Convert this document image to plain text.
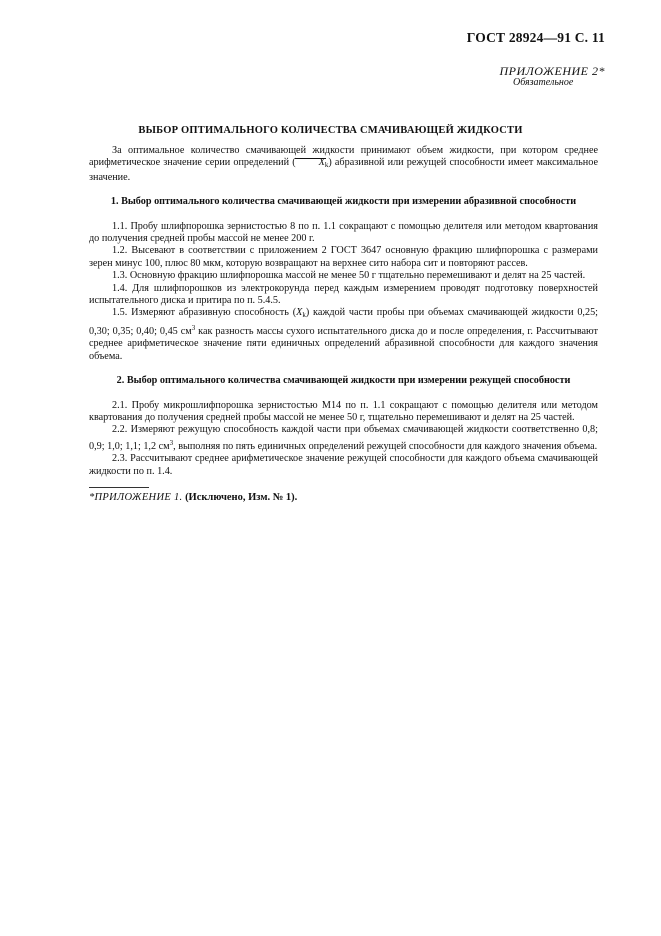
ГОСТ 28924—91 С. 11
ПРИЛОЖЕНИЕ 2*
Обязательное
ВЫБОР ОПТИМАЛЬНОГО КОЛИЧЕСТВА СМАЧИВАЮЩЕЙ ЖИДКОСТИ

За оптимальное количество смачивающей жидкости принимают объем жидкости, при котором среднее арифметическое значение серии определений ( $X_k$) абразивной или режущей способности имеет максимальное значение.

1. Выбор оптимального количества смачивающей жидкости при измерении абразивной способности

1.1. Пробу шлифпорошка зернистостью 8 по п. 1.1 сокращают с помощью делителя или методом квартования до получения средней пробы массой не менее 200 г.

1.2. Высевают в соответствии с приложением 2 ГОСТ 3647 основную фракцию шлифпорошка с размерами зерен минус 100, плюс 80 мкм, которую возвращают на верхнее сито набора сит и повторяют рассев.

1.3. Основную фракцию шлифпорошка массой не менее 50 г тщательно перемешивают и делят на 25 частей.

1.4. Для шлифпорошков из электрокорунда перед каждым измерением проводят подготовку поверхностей испытательного диска и притира по п. 5.4.5.

1.5. Измеряют абразивную способность $(X_k)$ каждой части пробы при объемах смачивающей жидкости 0,25; 0,30; 0,35; 0,40; 0,45 $см^3$ как разность массы сухого испытательного диска до и после определения, г. Рассчитывают среднее арифметическое значение пяти единичных определений абразивной способности для каждого значения объема.

2. Выбор оптимального количества смачивающей жидкости при измерении режущей способности

2.1. Пробу микрошлифпорошка зернистостью М14 по п. 1.1 сокращают с помощью делителя или методом квартования до получения средней пробы массой не менее 50 г, тщательно перемешивают и делят на 25 частей.

2.2. Измеряют режущую способность каждой части при объемах смачивающей жидкости соответственно 0,8; 0,9; 1,0; 1,1; 1,2 $см^3$, выполняя по пять единичных определений режущей способности для каждого значения объема.

2.3. Рассчитывают среднее арифметическое значение режущей способности для каждого объема смачивающей жидкости по п. 1.4.

*ПРИЛОЖЕНИЕ 1. (Исключено, Изм. № 1).
